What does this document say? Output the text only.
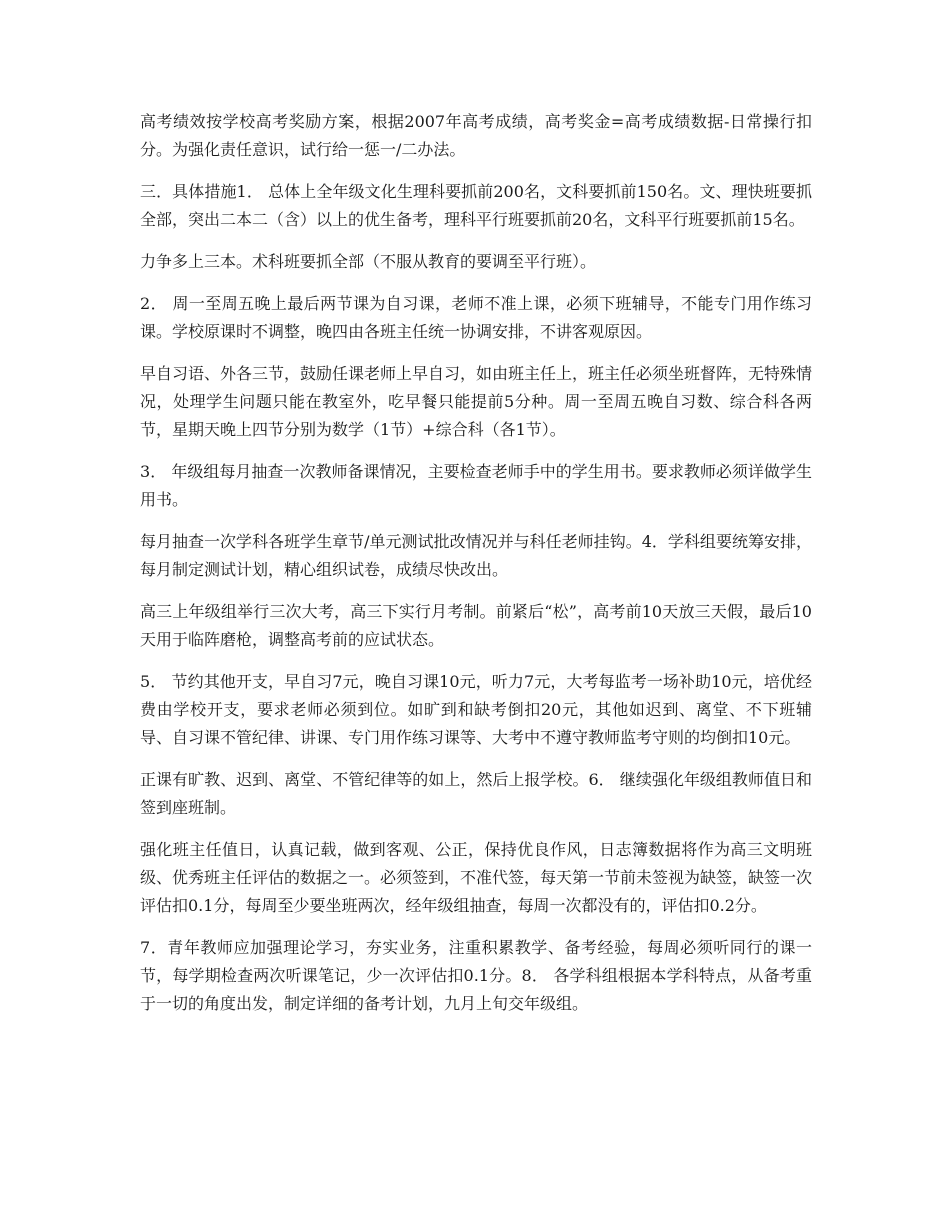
高考绩效按学校高考奖励方案，根据2007年高考成绩，高考奖金=高考成绩数据-日常操行扣分。为强化责任意识，试行给一惩一/二办法。

三．具体措施1． 总体上全年级文化生理科要抓前200名，文科要抓前150名。文、理快班要抓全部，突出二本二（含）以上的优生备考，理科平行班要抓前20名，文科平行班要抓前15名。

力争多上三本。术科班要抓全部（不服从教育的要调至平行班）。

2． 周一至周五晚上最后两节课为自习课，老师不准上课，必须下班辅导，不能专门用作练习课。学校原课时不调整，晚四由各班主任统一协调安排，不讲客观原因。

早自习语、外各三节，鼓励任课老师上早自习，如由班主任上，班主任必须坐班督阵，无特殊情况，处理学生问题只能在教室外，吃早餐只能提前5分种。周一至周五晚自习数、综合科各两节，星期天晚上四节分别为数学（1节）+综合科（各1节）。

3． 年级组每月抽查一次教师备课情况，主要检查老师手中的学生用书。要求教师必须详做学生用书。

每月抽查一次学科各班学生章节/单元测试批改情况并与科任老师挂钩。4．学科组要统筹安排，每月制定测试计划，精心组织试卷，成绩尽快改出。

高三上年级组举行三次大考，高三下实行月考制。前紧后“松”，高考前10天放三天假，最后10天用于临阵磨枪，调整高考前的应试状态。

5． 节约其他开支，早自习7元，晚自习课10元，听力7元，大考每监考一场补助10元，培优经费由学校开支，要求老师必须到位。如旷到和缺考倒扣20元，其他如迟到、离堂、不下班辅导、自习课不管纪律、讲课、专门用作练习课等、大考中不遵守教师监考守则的均倒扣10元。

正课有旷教、迟到、离堂、不管纪律等的如上，然后上报学校。6． 继续强化年级组教师值日和签到座班制。

强化班主任值日，认真记载，做到客观、公正，保持优良作风，日志簿数据将作为高三文明班级、优秀班主任评估的数据之一。必须签到，不准代签，每天第一节前未签视为缺签，缺签一次评估扣0.1分，每周至少要坐班两次，经年级组抽查，每周一次都没有的，评估扣0.2分。

7．青年教师应加强理论学习，夯实业务，注重积累教学、备考经验，每周必须听同行的课一节，每学期检查两次听课笔记，少一次评估扣0.1分。8． 各学科组根据本学科特点，从备考重于一切的角度出发，制定详细的备考计划，九月上旬交年级组。
